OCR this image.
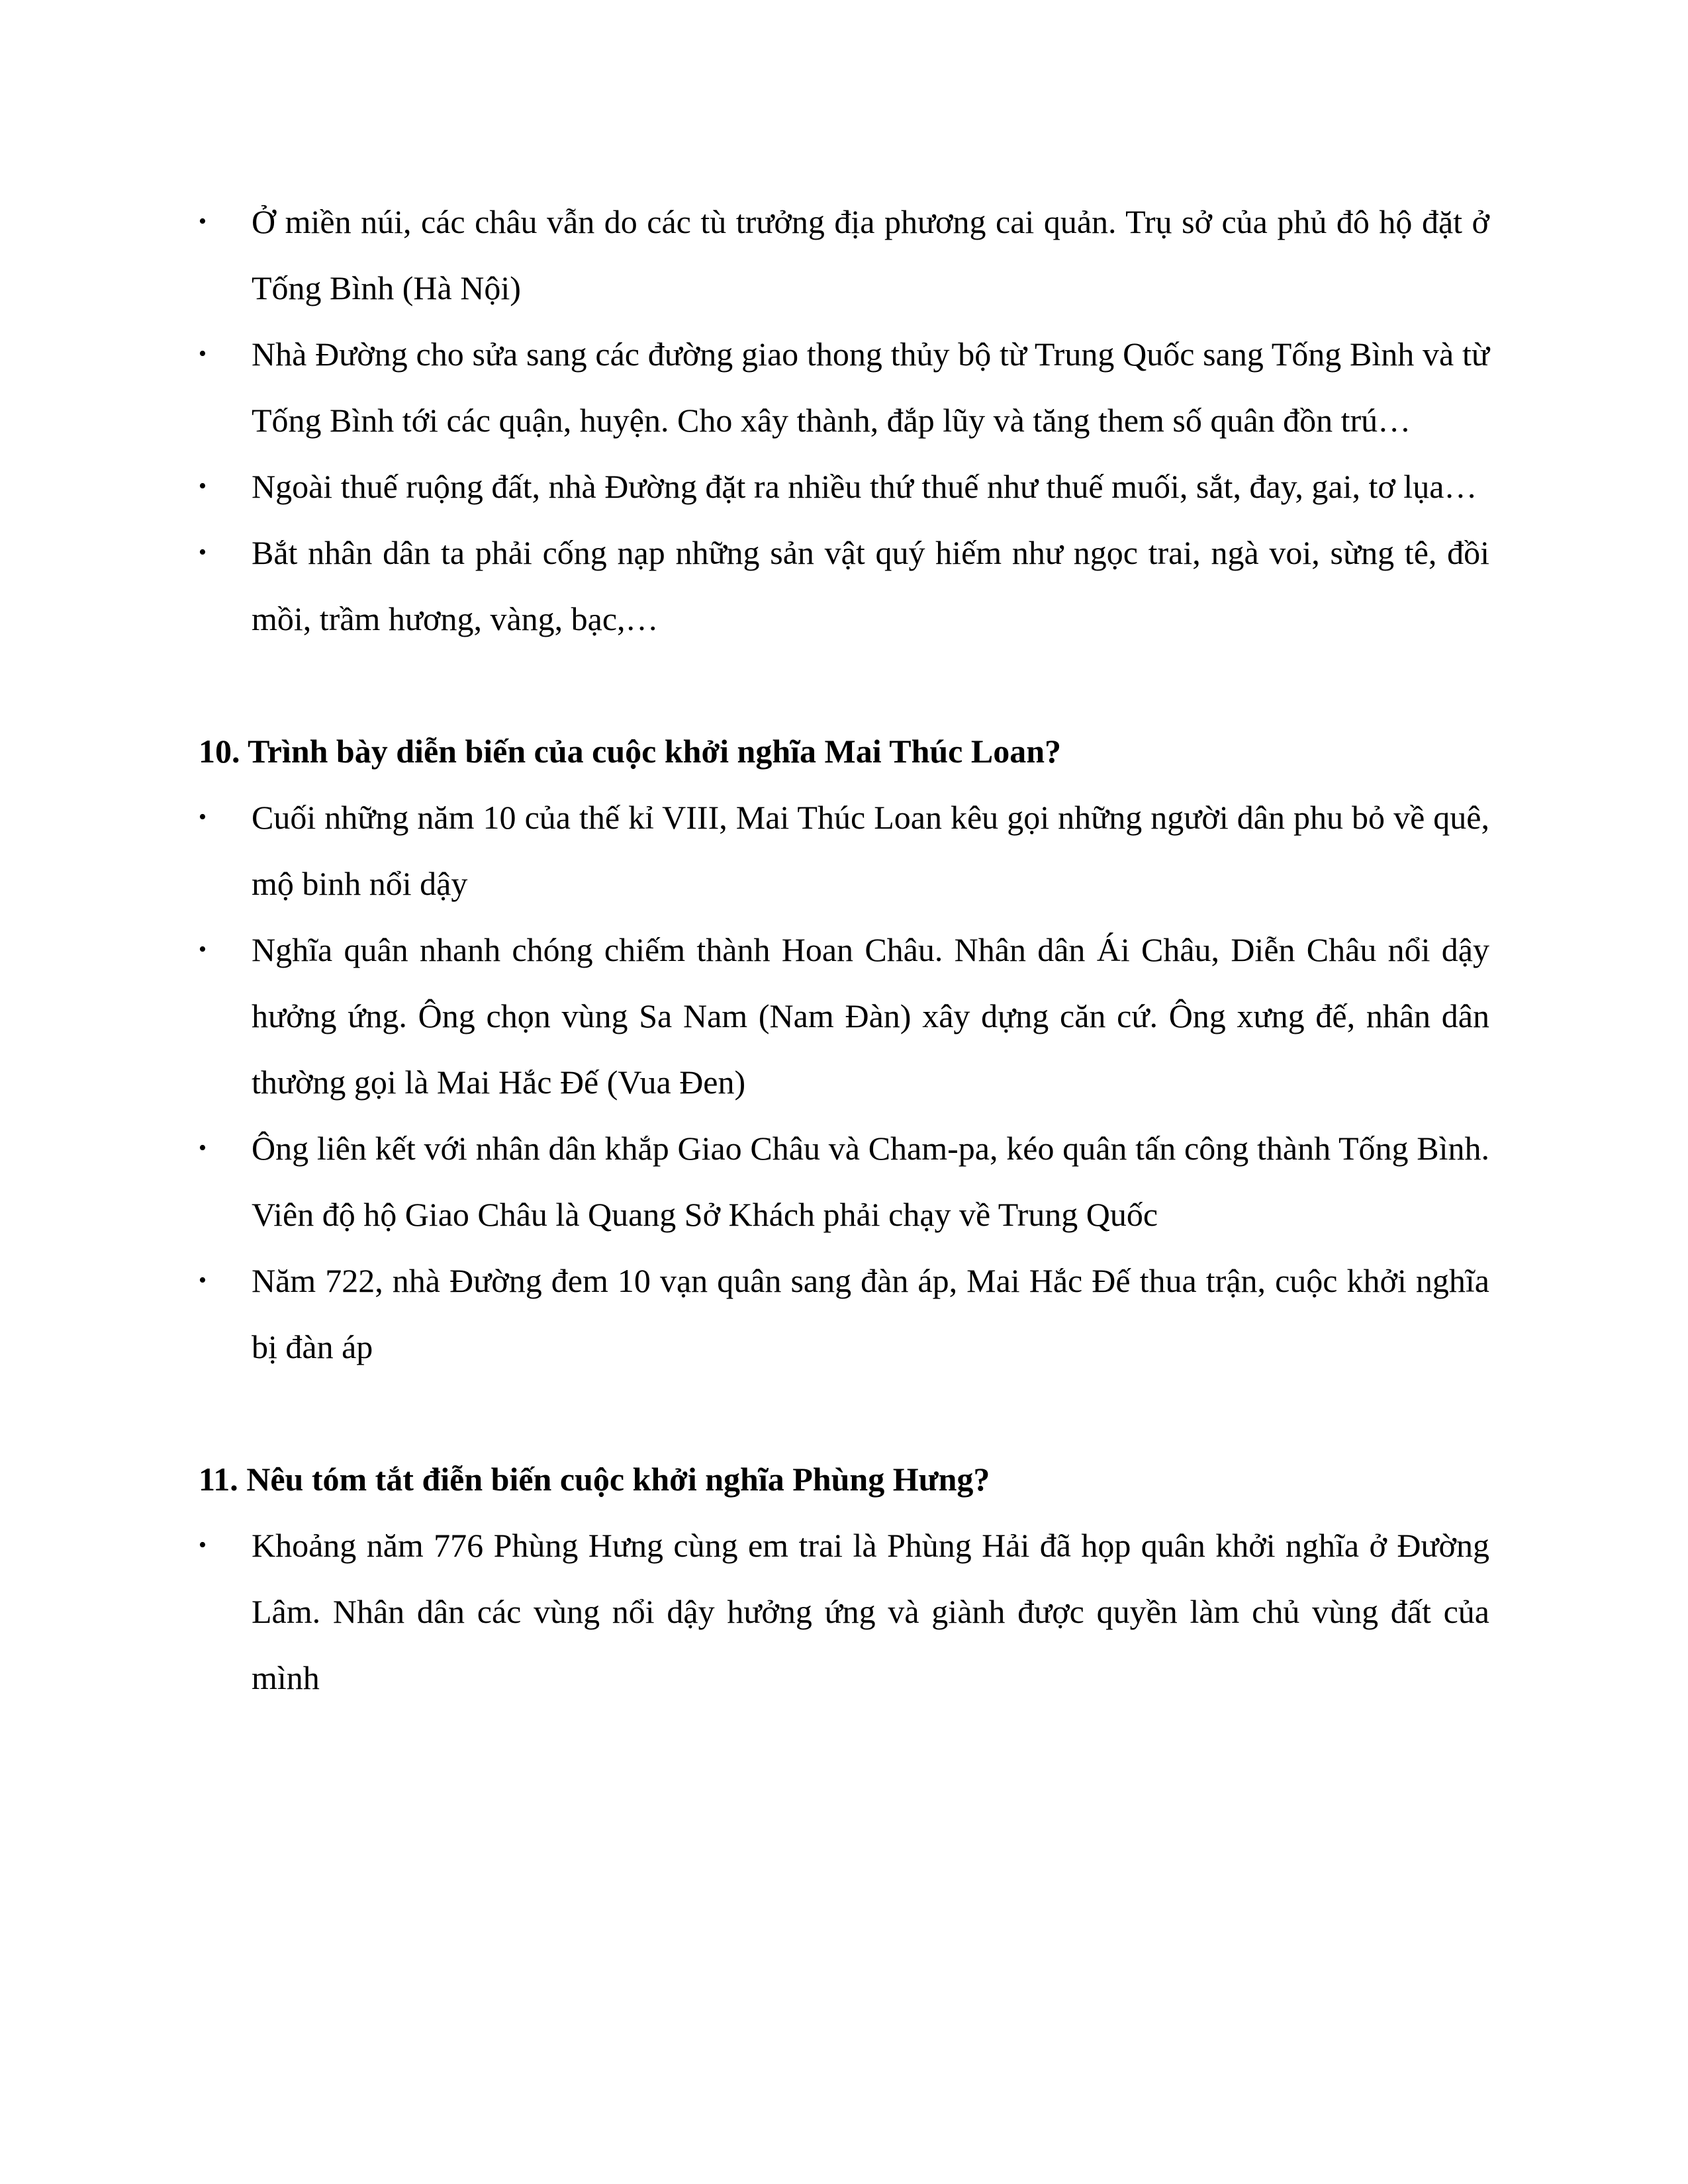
•	Ở miền núi, các châu vẫn do các tù trưởng địa phương cai quản. Trụ sở của phủ đô hộ đặt ở Tống Bình (Hà Nội)
•	Nhà Đường cho sửa sang các đường giao thong thủy bộ từ Trung Quốc sang Tống Bình và từ Tống Bình tới các quận, huyện. Cho xây thành, đắp lũy và tăng them số quân đồn trú…
•	Ngoài thuế ruộng đất, nhà Đường đặt ra nhiều thứ thuế như thuế muối, sắt, đay, gai, tơ lụa…
•	Bắt nhân dân ta phải cống nạp những sản vật quý hiếm như ngọc trai, ngà voi, sừng tê, đồi mồi, trầm hương, vàng, bạc,…
10. Trình bày diễn biến của cuộc khởi nghĩa Mai Thúc Loan?
•	Cuối những năm 10 của thế kỉ VIII, Mai Thúc Loan kêu gọi những người dân phu bỏ về quê, mộ binh nổi dậy
•	Nghĩa quân nhanh chóng chiếm thành Hoan Châu. Nhân dân Ái Châu, Diễn Châu nổi dậy hưởng ứng. Ông chọn vùng Sa Nam (Nam Đàn) xây dựng căn cứ. Ông xưng đế, nhân dân thường gọi là Mai Hắc Đế (Vua Đen)
•	Ông liên kết với nhân dân khắp Giao Châu và Cham-pa, kéo quân tấn công thành Tống Bình. Viên độ hộ Giao Châu là Quang Sở Khách phải chạy về Trung Quốc
•	Năm 722, nhà Đường đem 10 vạn quân sang đàn áp, Mai Hắc Đế thua trận, cuộc khởi nghĩa bị đàn áp
11. Nêu tóm tắt điễn biến cuộc khởi nghĩa Phùng Hưng?
•	Khoảng năm 776 Phùng Hưng cùng em trai là Phùng Hải đã họp quân khởi nghĩa ở Đường Lâm. Nhân dân các vùng nổi dậy hưởng ứng và giành được quyền làm chủ vùng đất của mình
